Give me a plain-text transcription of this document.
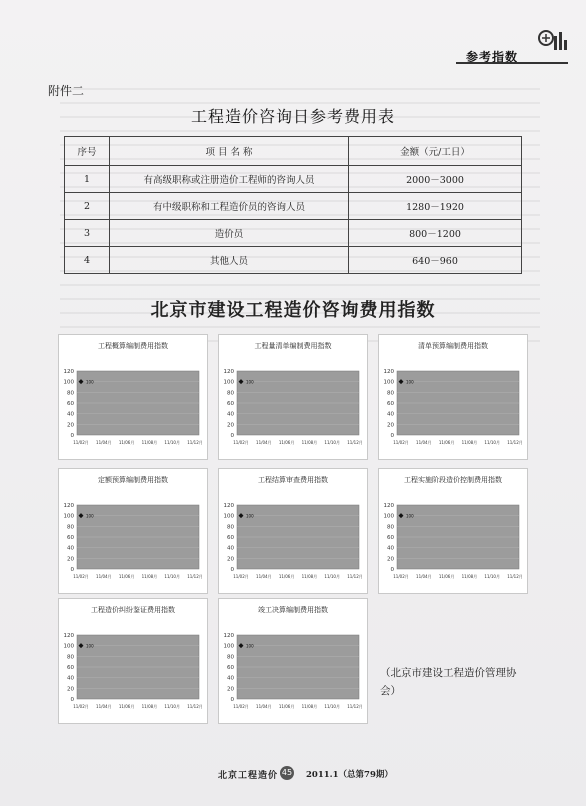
参考指数
附件二
工程造价咨询日参考费用表
序号	项 目 名 称	金额（元/工日）
1	有高级职称或注册造价工程师的咨询人员	2000－3000
2	有中级职称和工程造价员的咨询人员	1280－1920
3	造价员	800－1200
4	其他人员	640－960
北京市建设工程造价咨询费用指数
0
20
40
60
80
100
120
11/02月 11/04月 11/06月 11/08月 11/10月 11/12月
100
工程概算编制费用指数
0
20
40
60
80
100
120
11/02月 11/04月 11/06月 11/08月 11/10月 11/12月
100
工程量清单编制费用指数
0
20
40
60
80
100
120
11/02月 11/04月 11/06月 11/08月 11/10月 11/12月
100
清单预算编制费用指数
0
20
40
60
80
100
120
11/02月 11/04月 11/06月 11/08月 11/10月 11/12月
100
定额预算编制费用指数
0
20
40
60
80
100
120
11/02月 11/04月 11/06月 11/08月 11/10月 11/12月
100
工程结算审查费用指数
0
20
40
60
80
100
120
11/02月 11/04月 11/06月 11/08月 11/10月 11/12月
100
工程实施阶段造价控制费用指数
0
20
40
60
80
100
120
11/02月 11/04月 11/06月 11/08月 11/10月 11/12月
100
工程造价纠纷鉴证费用指数
0
20
40
60
80
100
120
11/02月 11/04月 11/06月 11/08月 11/10月 11/12月
100
竣工决算编制费用指数
（北京市建设工程造价管理协会）
北京工程造价 45 2011.1（总第79期）
